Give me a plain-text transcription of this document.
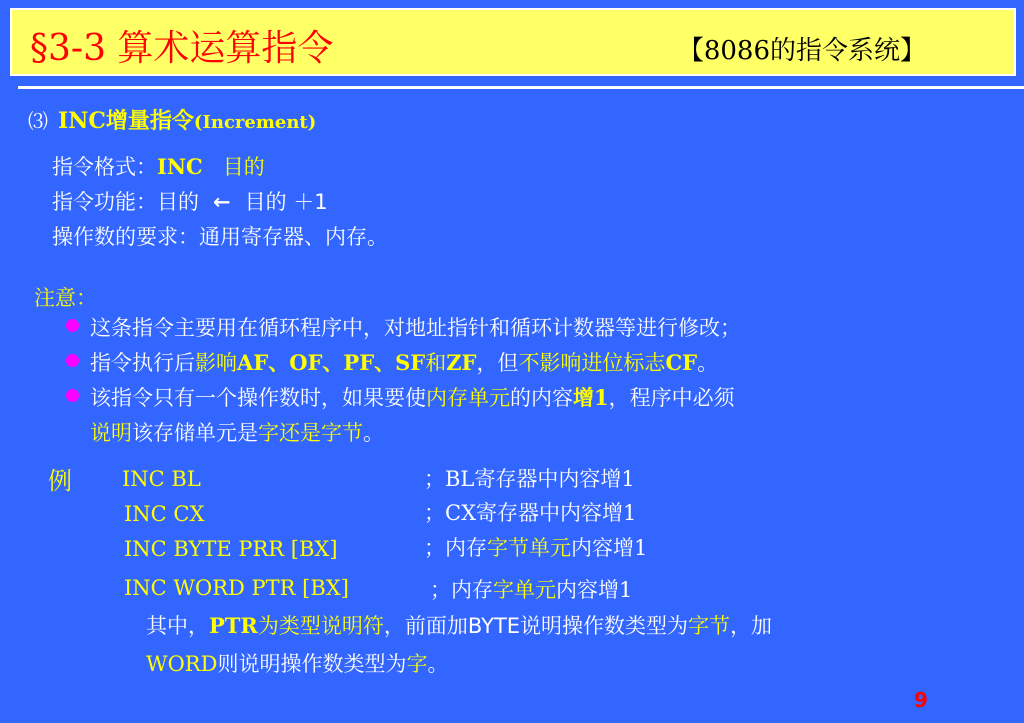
§3-3 算术运算指令	【8086的指令系统】
⑶ INC增量指令(Increment)
指令格式：INC 目的
指令功能：目的 ← 目的 ＋1
操作数的要求：通用寄存器、内存。
注意：
这条指令主要用在循环程序中，对地址指针和循环计数器等进行修改；
指令执行后影响AF、OF、PF、SF和ZF，但不影响进位标志CF。
该指令只有一个操作数时，如果要使内存单元的内容增1，程序中必须
说明该存储单元是字还是字节。
例 INC BL	；BL寄存器中内容增1
INC CX	；CX寄存器中内容增1
INC BYTE PRR [BX]	；内存字节单元内容增1
INC WORD PTR [BX]	；内存字单元内容增1
其中，PTR为类型说明符，前面加BYTE说明操作数类型为字节，加
WORD则说明操作数类型为字。
9
